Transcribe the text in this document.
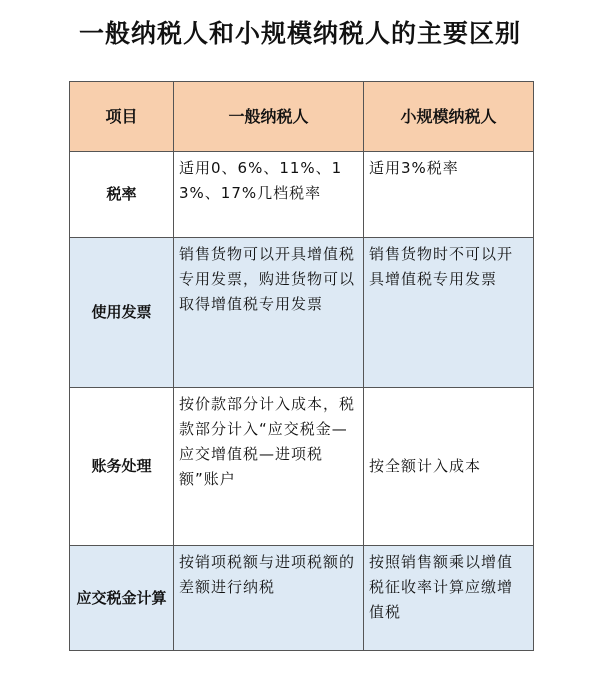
一般纳税人和小规模纳税人的主要区别
项目	一般纳税人	小规模纳税人
税率	适用0、6%、11%、13%、17%几档税率	适用3%税率

使用发票	销售货物可以开具增值税专用发票，购进货物可以取得增值税专用发票	销售货物时不可以开具增值税专用发票

账务处理	按价款部分计入成本，税款部分计入“应交税金—应交增值税—进项税额”账户	按全额计入成本

应交税金计算	按销项税额与进项税额的差额进行纳税	按照销售额乘以增值税征收率计算应缴增值税
